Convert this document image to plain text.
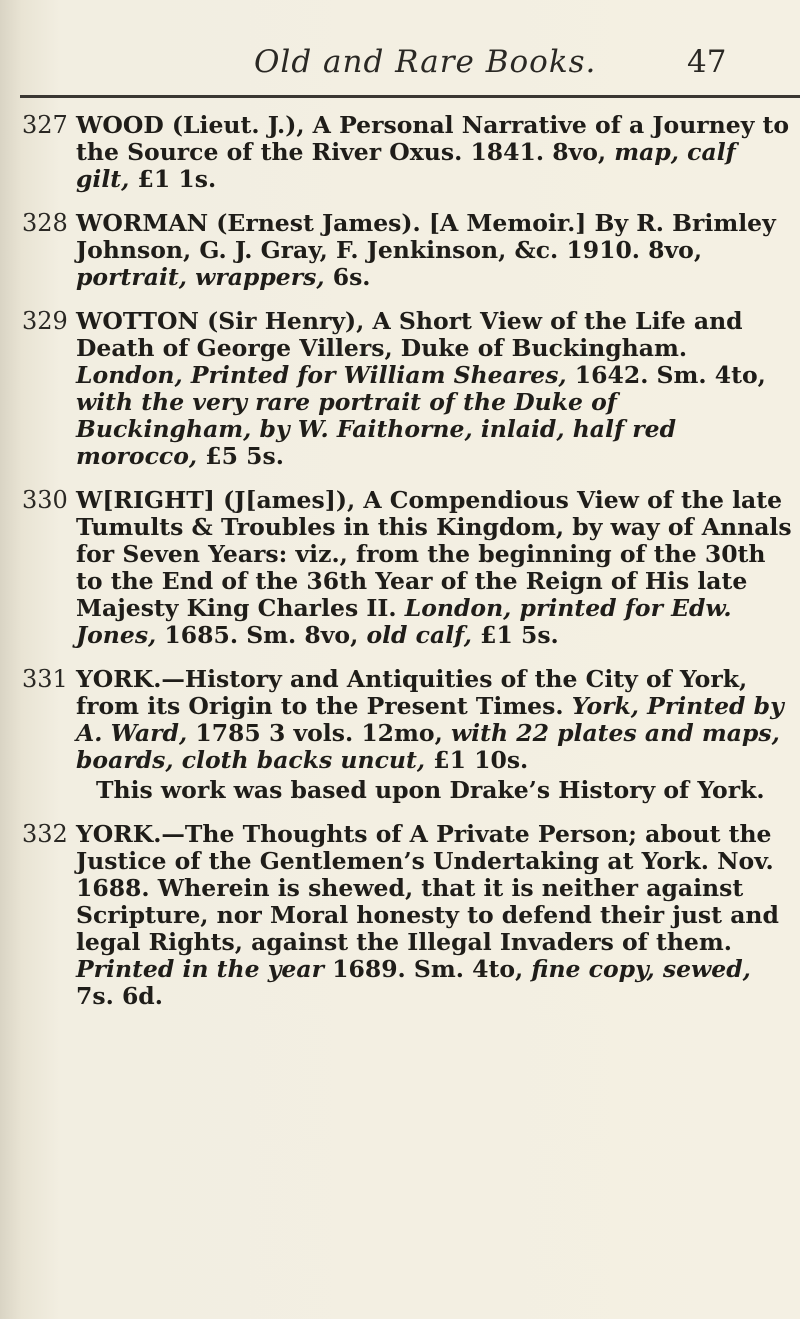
Old and Rare Books.	47
327 WOOD (Lieut. J.), A Personal Narrative of a Journey to the Source of the River Oxus. 1841. 8vo, map, calf gilt, £1 1s.
328 WORMAN (Ernest James). [A Memoir.] By R. Brimley Johnson, G. J. Gray, F. Jenkinson, &c. 1910. 8vo, portrait, wrappers, 6s.
329 WOTTON (Sir Henry), A Short View of the Life and Death of George Villers, Duke of Buckingham. London, Printed for William Sheares, 1642. Sm. 4to, with the very rare portrait of the Duke of Buckingham, by W. Faithorne, inlaid, half red morocco, £5 5s.
330 W[RIGHT] (J[ames]), A Compendious View of the late Tumults & Troubles in this Kingdom, by way of Annals for Seven Years: viz., from the beginning of the 30th to the End of the 36th Year of the Reign of His late Majesty King Charles II. London, printed for Edw. Jones, 1685. Sm. 8vo, old calf, £1 5s.
331 YORK.—History and Antiquities of the City of York, from its Origin to the Present Times. York, Printed by A. Ward, 1785 3 vols. 12mo, with 22 plates and maps, boards, cloth backs uncut, £1 10s.
This work was based upon Drake’s History of York.
332 YORK.—The Thoughts of A Private Person; about the Justice of the Gentlemen’s Undertaking at York. Nov. 1688. Wherein is shewed, that it is neither against Scripture, nor Moral honesty to defend their just and legal Rights, against the Illegal Invaders of them. Printed in the year 1689. Sm. 4to, fine copy, sewed, 7s. 6d.
